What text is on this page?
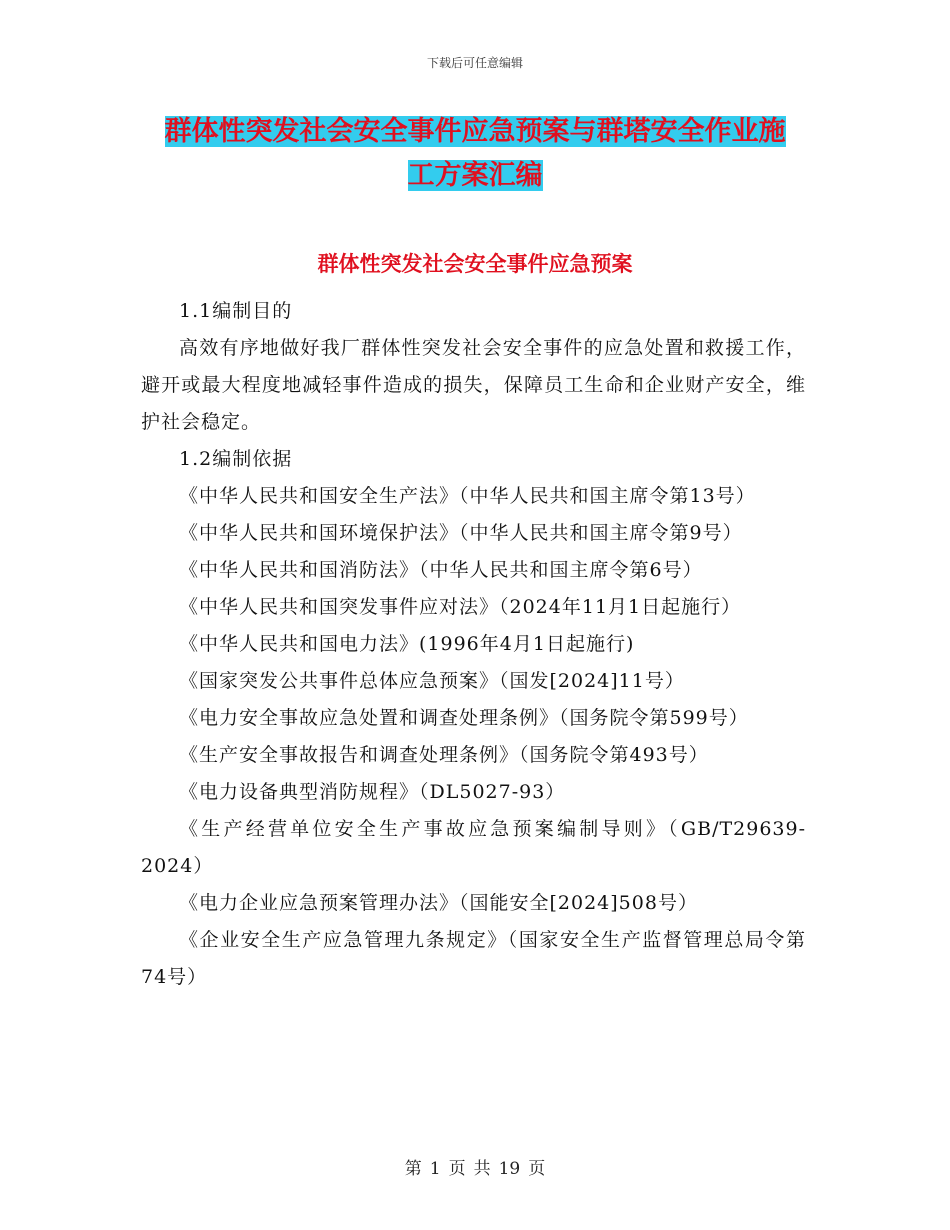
下载后可任意编辑
群体性突发社会安全事件应急预案与群塔安全作业施
工方案汇编
群体性突发社会安全事件应急预案

1.1编制目的

高效有序地做好我厂群体性突发社会安全事件的应急处置和救援工作，避开或最大程度地减轻事件造成的损失，保障员工生命和企业财产安全，维护社会稳定。

1.2编制依据

《中华人民共和国安全生产法》（中华人民共和国主席令第13号）

《中华人民共和国环境保护法》（中华人民共和国主席令第9号）

《中华人民共和国消防法》（中华人民共和国主席令第6号）

《中华人民共和国突发事件应对法》（2024年11月1日起施行）

《中华人民共和国电力法》(1996年4月1日起施行)

《国家突发公共事件总体应急预案》（国发[2024]11号）

《电力安全事故应急处置和调查处理条例》（国务院令第599号）

《生产安全事故报告和调查处理条例》（国务院令第493号）

《电力设备典型消防规程》（DL5027-93）

《生产经营单位安全生产事故应急预案编制导则》（GB/T29639-2024）

《电力企业应急预案管理办法》（国能安全[2024]508号）

《企业安全生产应急管理九条规定》（国家安全生产监督管理总局令第74号）

第 1 页 共 19 页
